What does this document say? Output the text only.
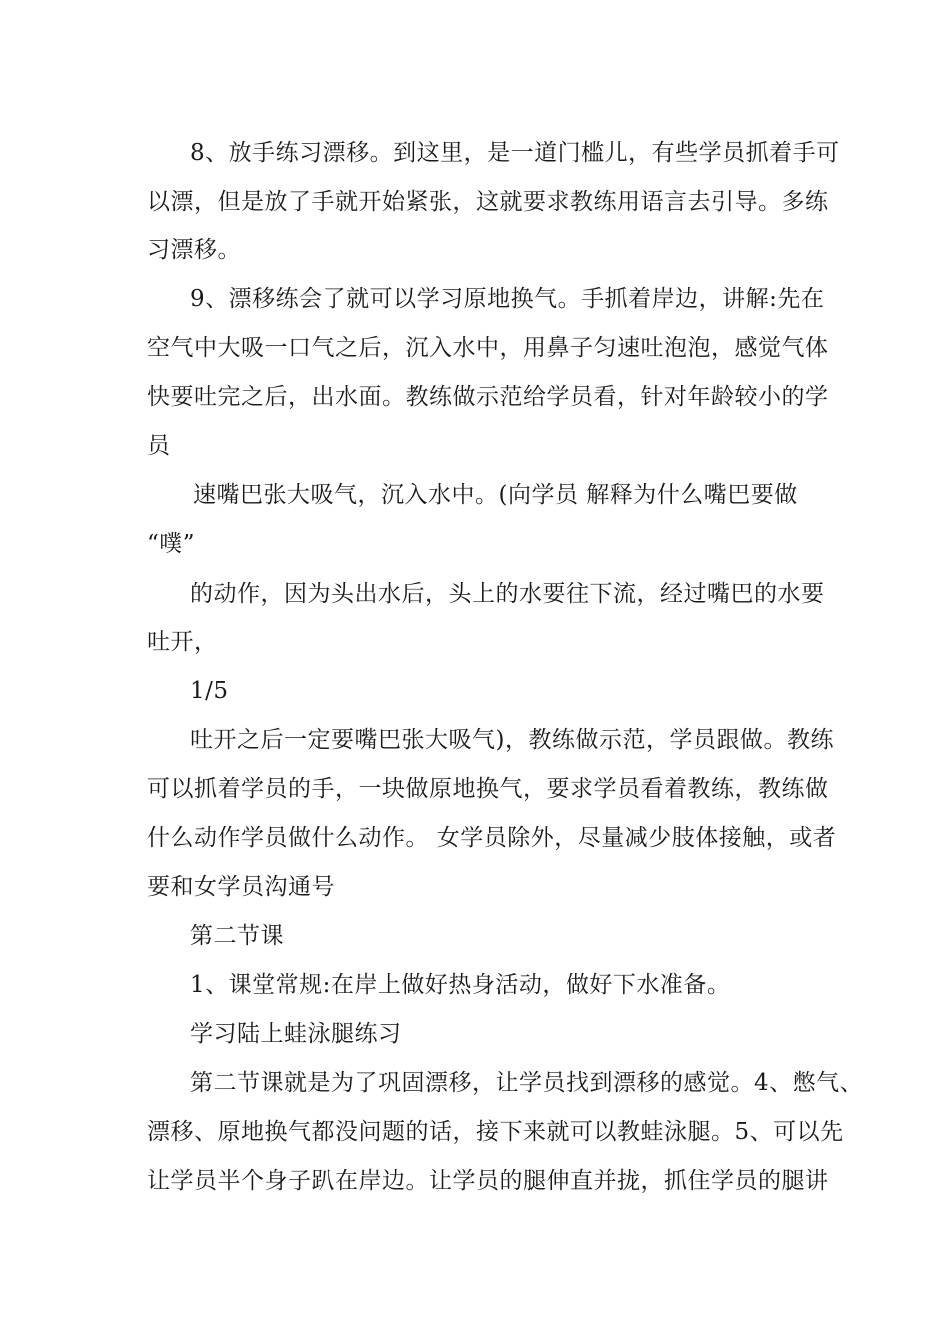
8、放手练习漂移。到这里，是一道门槛儿，有些学员抓着手可
以漂，但是放了手就开始紧张，这就要求教练用语言去引导。多练
习漂移。
9、漂移练会了就可以学习原地换气。手抓着岸边，讲解:先在
空气中大吸一口气之后，沉入水中，用鼻子匀速吐泡泡，感觉气体
快要吐完之后，出水面。教练做示范给学员看，针对年龄较小的学
员
速嘴巴张大吸气，沉入水中。(向学员 解释为什么嘴巴要做
“噗”
的动作，因为头出水后，头上的水要往下流，经过嘴巴的水要
吐开，
1/5
吐开之后一定要嘴巴张大吸气)，教练做示范，学员跟做。教练
可以抓着学员的手，一块做原地换气，要求学员看着教练，教练做
什么动作学员做什么动作。 女学员除外，尽量减少肢体接触，或者
要和女学员沟通号
第二节课
1、课堂常规:在岸上做好热身活动，做好下水准备。
学习陆上蛙泳腿练习
第二节课就是为了巩固漂移，让学员找到漂移的感觉。4、憋气、
漂移、原地换气都没问题的话，接下来就可以教蛙泳腿。5、可以先
让学员半个身子趴在岸边。让学员的腿伸直并拢，抓住学员的腿讲
